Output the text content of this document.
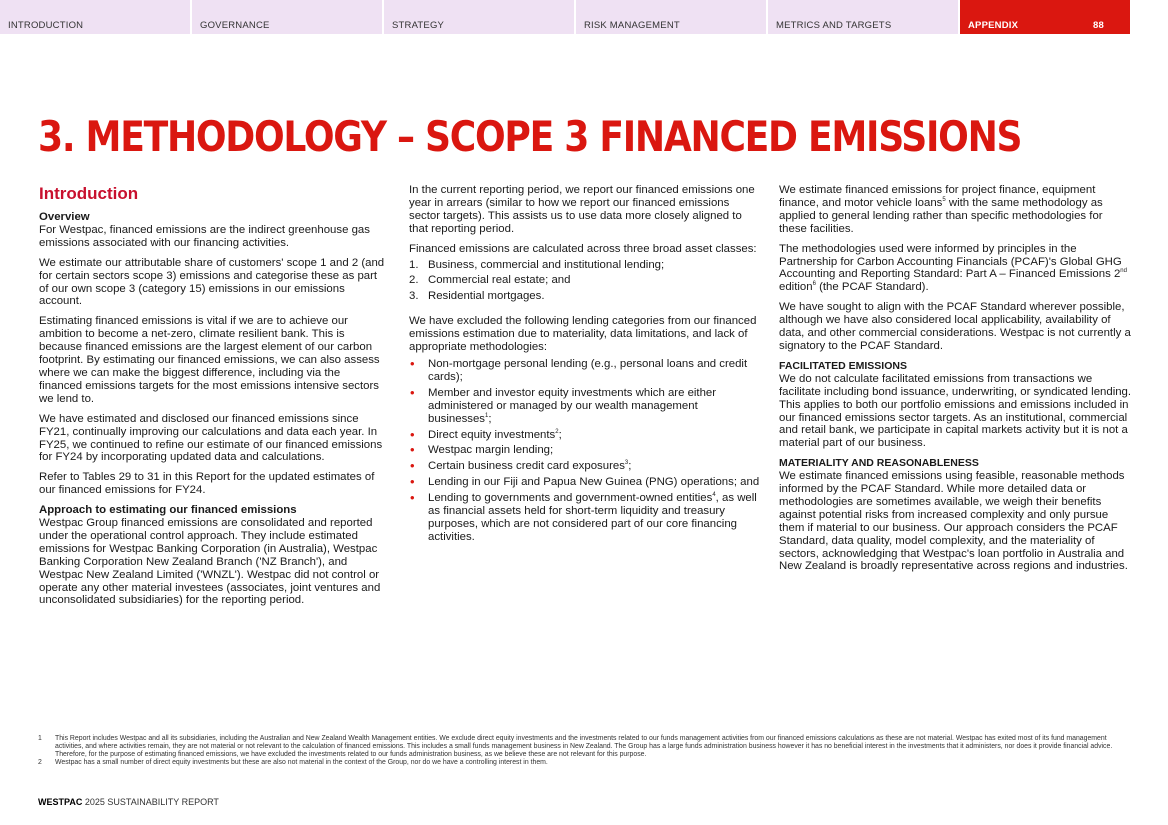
INTRODUCTION	GOVERNANCE	STRATEGY	RISK MANAGEMENT	METRICS AND TARGETS	APPENDIX	88
3. METHODOLOGY – SCOPE 3 FINANCED EMISSIONS
Introduction
Overview

For Westpac, financed emissions are the indirect greenhouse gas emissions associated with our financing activities.

We estimate our attributable share of customers' scope 1 and 2 (and for certain sectors scope 3) emissions and categorise these as part of our own scope 3 (category 15) emissions in our emissions account.

Estimating financed emissions is vital if we are to achieve our ambition to become a net-zero, climate resilient bank. This is because financed emissions are the largest element of our carbon footprint. By estimating our financed emissions, we can also assess where we can make the biggest difference, including via the financed emissions targets for the most emissions intensive sectors we lend to.

We have estimated and disclosed our financed emissions since FY21, continually improving our calculations and data each year. In FY25, we continued to refine our estimate of our financed emissions for FY24 by incorporating updated data and calculations.

Refer to Tables 29 to 31 in this Report for the updated estimates of our financed emissions for FY24.

Approach to estimating our financed emissions

Westpac Group financed emissions are consolidated and reported under the operational control approach. They include estimated emissions for Westpac Banking Corporation (in Australia), Westpac Banking Corporation New Zealand Branch ('NZ Branch'), and Westpac New Zealand Limited ('WNZL'). Westpac did not control or operate any other material investees (associates, joint ventures and unconsolidated subsidiaries) for the reporting period.

In the current reporting period, we report our financed emissions one year in arrears (similar to how we report our financed emissions sector targets). This assists us to use data more closely aligned to that reporting period.

Financed emissions are calculated across three broad asset classes:

1. Business, commercial and institutional lending;
2. Commercial real estate; and
3. Residential mortgages.

We have excluded the following lending categories from our financed emissions estimation due to materiality, data limitations, and lack of appropriate methodologies:

• Non-mortgage personal lending (e.g., personal loans and credit cards);
• Member and investor equity investments which are either administered or managed by our wealth management businesses$^1$;
• Direct equity investments$^2$;
• Westpac margin lending;
• Certain business credit card exposures$^3$;
• Lending in our Fiji and Papua New Guinea (PNG) operations; and
• Lending to governments and government-owned entities$^4$, as well as financial assets held for short-term liquidity and treasury purposes, which are not considered part of our core financing activities.

We estimate financed emissions for project finance, equipment finance, and motor vehicle loans$^5$ with the same methodology as applied to general lending rather than specific methodologies for these facilities.

The methodologies used were informed by principles in the Partnership for Carbon Accounting Financials (PCAF)'s Global GHG Accounting and Reporting Standard: Part A – Financed Emissions 2nd edition$^6$ (the PCAF Standard).

We have sought to align with the PCAF Standard wherever possible, although we have also considered local applicability, availability of data, and other commercial considerations. Westpac is not currently a signatory to the PCAF Standard.

FACILITATED EMISSIONS

We do not calculate facilitated emissions from transactions we facilitate including bond issuance, underwriting, or syndicated lending. This applies to both our portfolio emissions and emissions included in our financed emissions sector targets. As an institutional, commercial and retail bank, we participate in capital markets activity but it is not a material part of our business.

MATERIALITY AND REASONABLENESS

We estimate financed emissions using feasible, reasonable methods informed by the PCAF Standard. While more detailed data or methodologies are sometimes available, we weigh their benefits against potential risks from increased complexity and only pursue them if material to our business. Our approach considers the PCAF Standard, data quality, model complexity, and the materiality of sectors, acknowledging that Westpac's loan portfolio in Australia and New Zealand is broadly representative across regions and industries.

1 This Report includes Westpac and all its subsidiaries, including the Australian and New Zealand Wealth Management entities. We exclude direct equity investments and the investments related to our funds management activities from our financed emissions calculations as these are not material. Westpac has exited most of its fund management activities, and where activities remain, they are not material or not relevant to the calculation of financed emissions. This includes a small funds management business in New Zealand. The Group has a large funds administration business however it has no beneficial interest in the investments that it administers, nor does it provide financial advice. Therefore, for the purpose of estimating financed emissions, we have excluded the investments related to our funds administration business, as we believe these are not relevant for this purpose.

2 Westpac has a small number of direct equity investments but these are also not material in the context of the Group, nor do we have a controlling interest in them.

WESTPAC 2025 SUSTAINABILITY REPORT
